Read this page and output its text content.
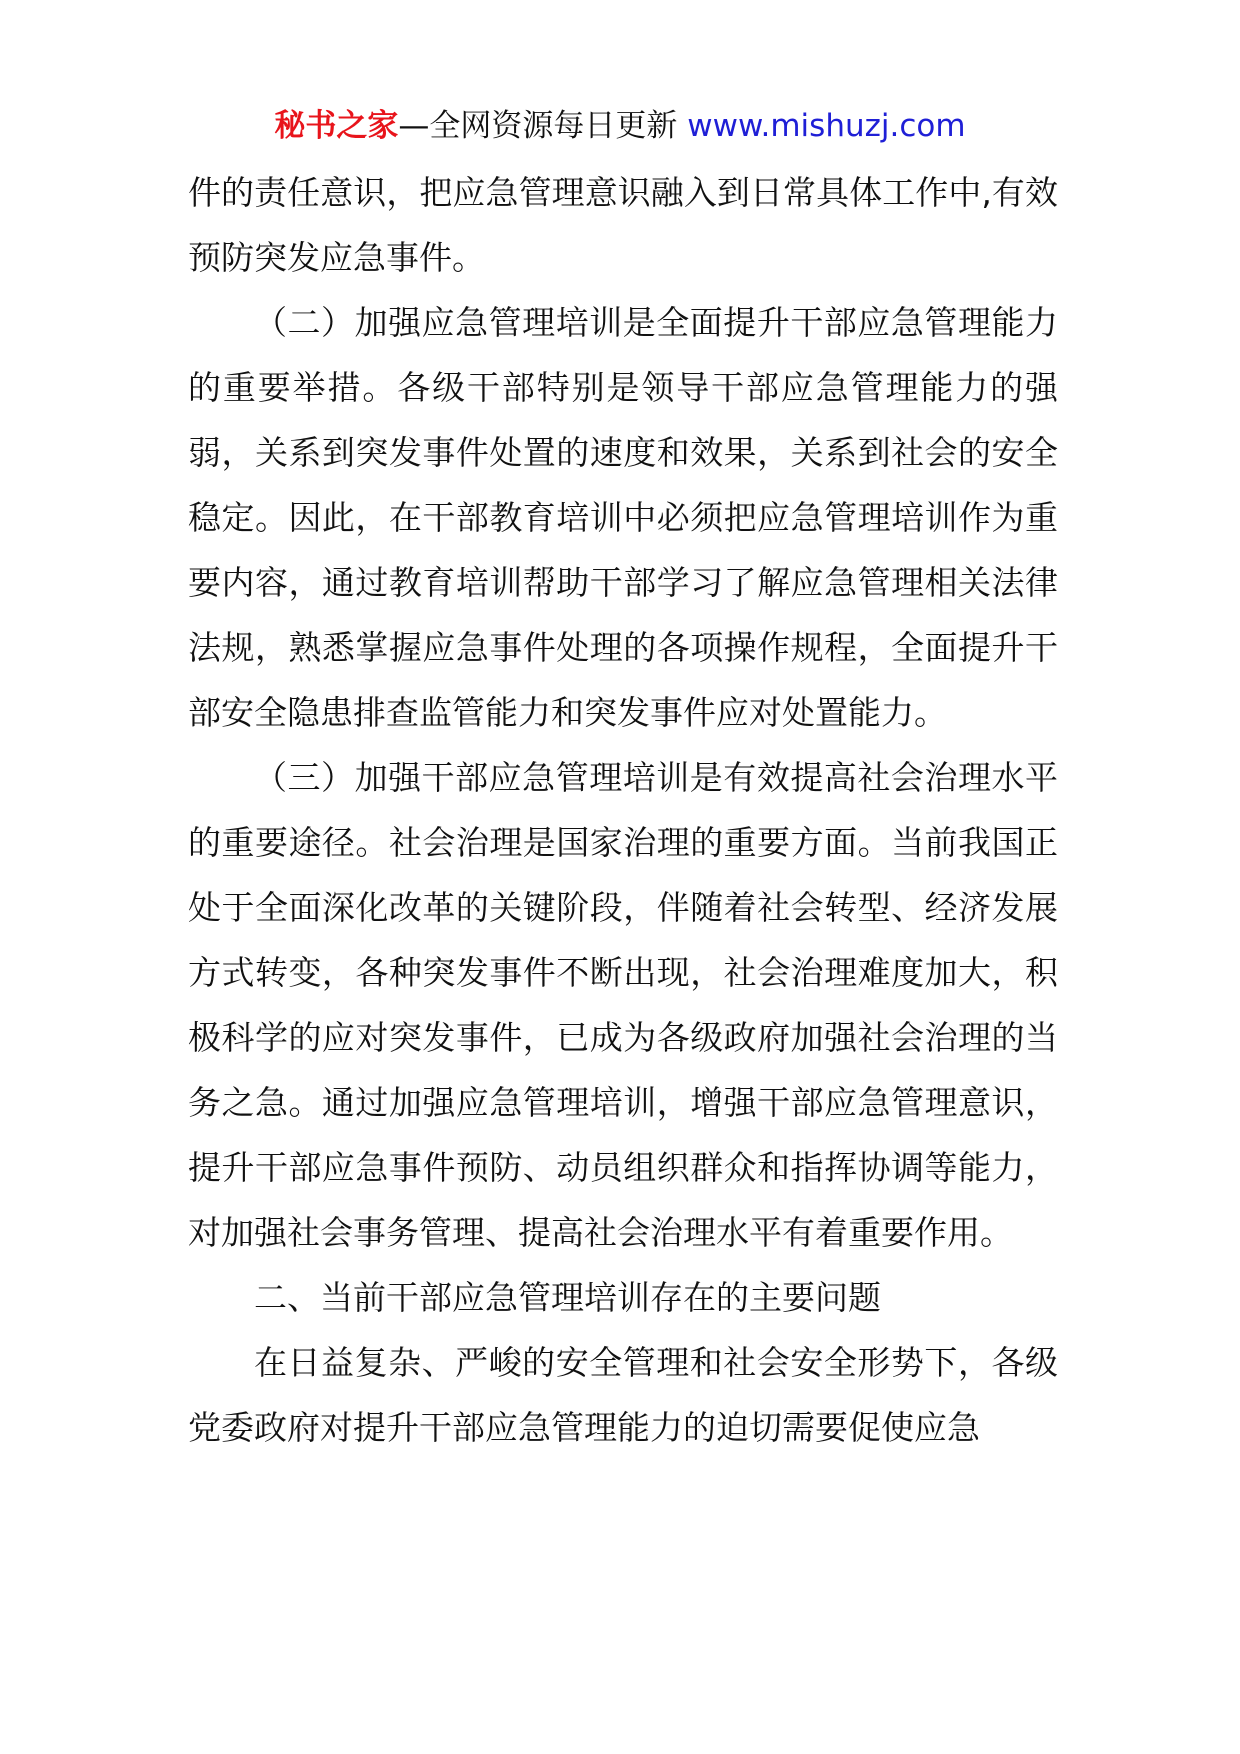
秘书之家—全网资源每日更新 www.mishuzj.com

件的责任意识，把应急管理意识融入到日常具体工作中,有效预防突发应急事件。

（二）加强应急管理培训是全面提升干部应急管理能力的重要举措。各级干部特别是领导干部应急管理能力的强弱，关系到突发事件处置的速度和效果，关系到社会的安全稳定。因此，在干部教育培训中必须把应急管理培训作为重要内容，通过教育培训帮助干部学习了解应急管理相关法律法规，熟悉掌握应急事件处理的各项操作规程，全面提升干部安全隐患排查监管能力和突发事件应对处置能力。

（三）加强干部应急管理培训是有效提高社会治理水平的重要途径。社会治理是国家治理的重要方面。当前我国正处于全面深化改革的关键阶段，伴随着社会转型、经济发展方式转变，各种突发事件不断出现，社会治理难度加大，积极科学的应对突发事件，已成为各级政府加强社会治理的当务之急。通过加强应急管理培训，增强干部应急管理意识，提升干部应急事件预防、动员组织群众和指挥协调等能力，对加强社会事务管理、提高社会治理水平有着重要作用。

二、当前干部应急管理培训存在的主要问题

在日益复杂、严峻的安全管理和社会安全形势下，各级党委政府对提升干部应急管理能力的迫切需要促使应急
